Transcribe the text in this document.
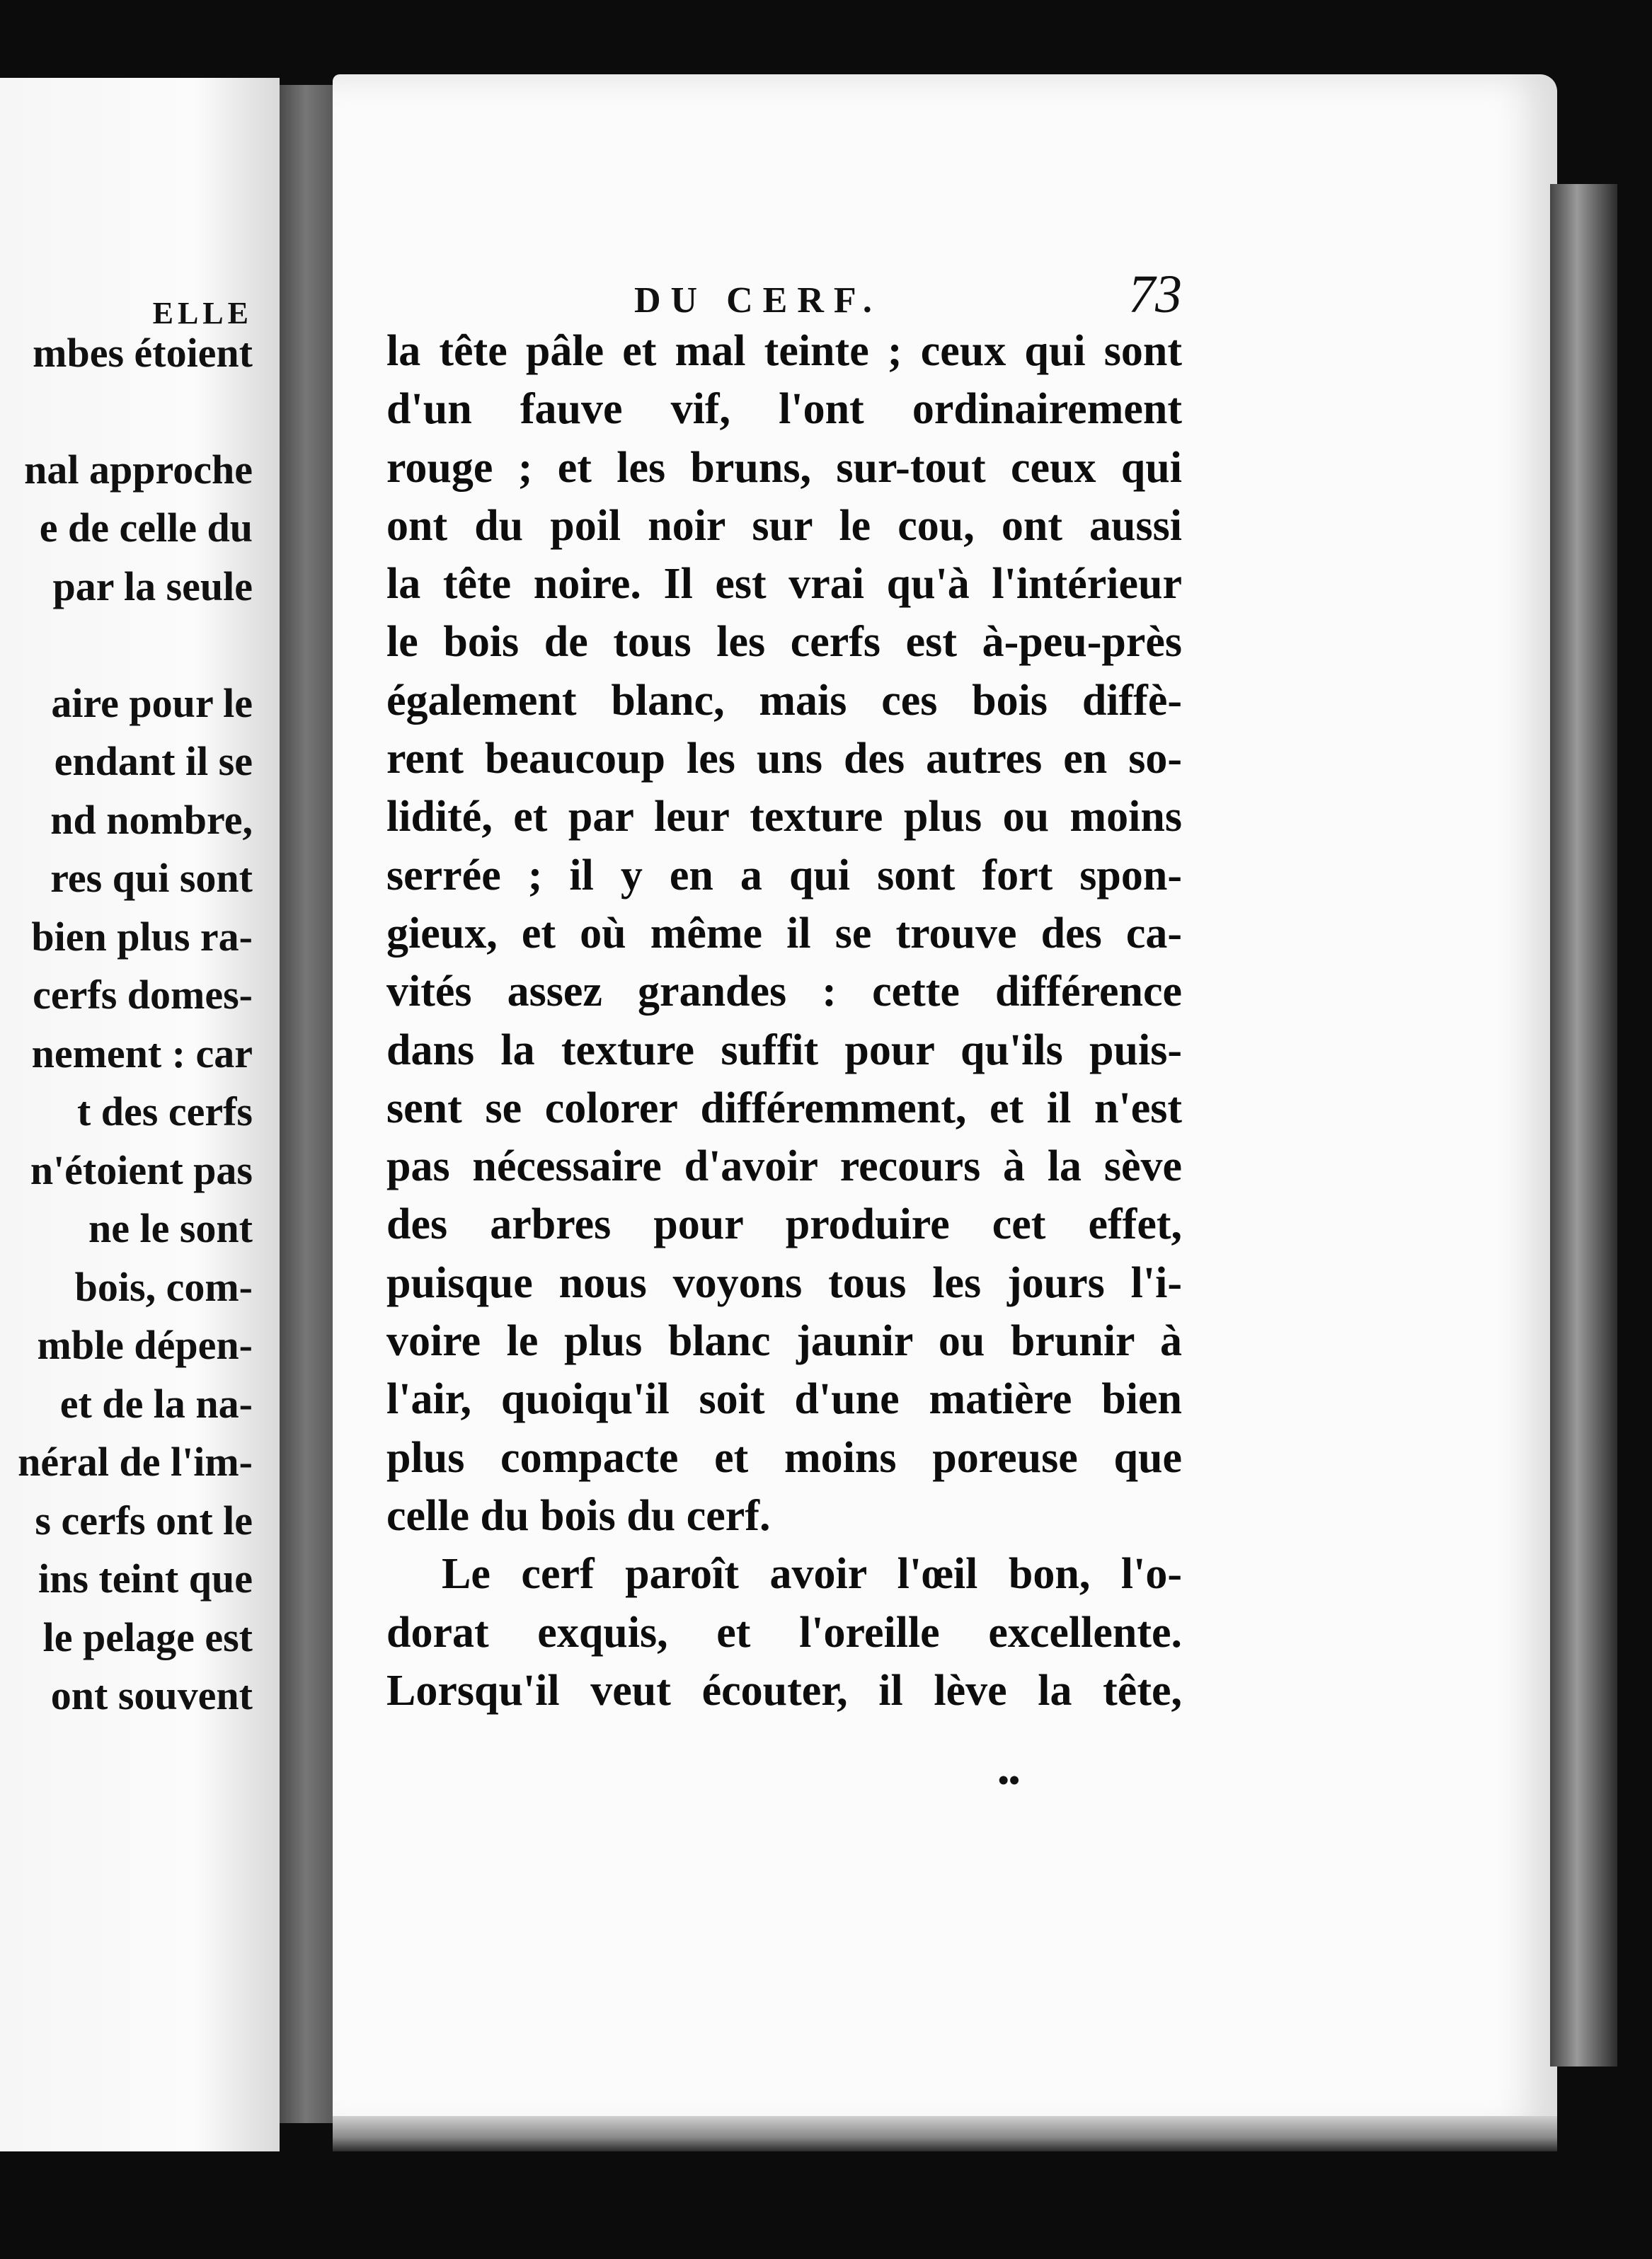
ELLE
mbes étoient
nal approche
e de celle du
par la seule
aire pour le
endant il se
nd nombre,
res qui sont
bien plus ra-
cerfs domes-
nement : car
t des cerfs
n'étoient pas
ne le sont
bois, com-
mble dépen-
et de la na-
néral de l'im-
s cerfs ont le
ins teint que
le pelage est
ont souvent
DU CERF.	73
la tête pâle et mal teinte ; ceux qui sont
d'un fauve vif, l'ont ordinairement
rouge ; et les bruns, sur-tout ceux qui
ont du poil noir sur le cou, ont aussi
la tête noire. Il est vrai qu'à l'intérieur
le bois de tous les cerfs est à-peu-près
également blanc, mais ces bois diffè-
rent beaucoup les uns des autres en so-
lidité, et par leur texture plus ou moins
serrée ; il y en a qui sont fort spon-
gieux, et où même il se trouve des ca-
vités assez grandes : cette différence
dans la texture suffit pour qu'ils puis-
sent se colorer différemment, et il n'est
pas nécessaire d'avoir recours à la sève
des arbres pour produire cet effet,
puisque nous voyons tous les jours l'i-
voire le plus blanc jaunir ou brunir à
l'air, quoiqu'il soit d'une matière bien
plus compacte et moins poreuse que
celle du bois du cerf.
Le cerf paroît avoir l'œil bon, l'o-
dorat exquis, et l'oreille excellente.
Lorsqu'il veut écouter, il lève la tête,
••
